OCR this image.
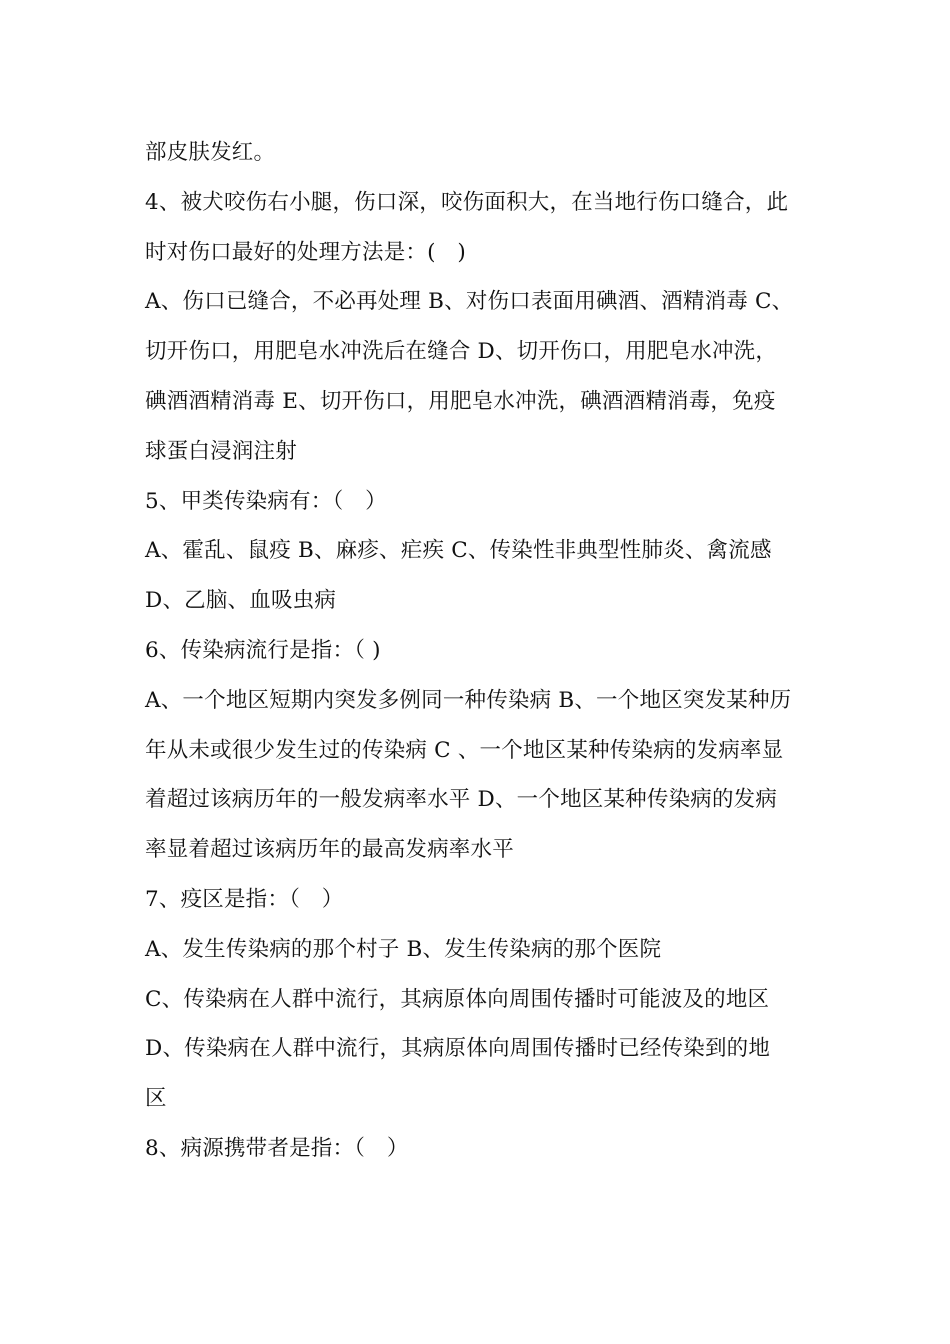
部皮肤发红。
4、被犬咬伤右小腿，伤口深，咬伤面积大，在当地行伤口缝合，此
时对伤口最好的处理方法是：(　)
A、伤口已缝合，不必再处理 B、对伤口表面用碘酒、酒精消毒 C、
切开伤口，用肥皂水冲洗后在缝合 D、切开伤口，用肥皂水冲洗，
碘酒酒精消毒 E、切开伤口，用肥皂水冲洗，碘酒酒精消毒，免疫
球蛋白浸润注射
5、甲类传染病有：（　）
A、霍乱、鼠疫 B、麻疹、疟疾 C、传染性非典型性肺炎、禽流感
D、乙脑、血吸虫病
6、传染病流行是指：（ )
A、一个地区短期内突发多例同一种传染病 B、一个地区突发某种历
年从未或很少发生过的传染病 C 、一个地区某种传染病的发病率显
着超过该病历年的一般发病率水平 D、一个地区某种传染病的发病
率显着超过该病历年的最高发病率水平
7、疫区是指：（　）
A、发生传染病的那个村子 B、发生传染病的那个医院
C、传染病在人群中流行，其病原体向周围传播时可能波及的地区
D、传染病在人群中流行，其病原体向周围传播时已经传染到的地
区
8、病源携带者是指：（　）
